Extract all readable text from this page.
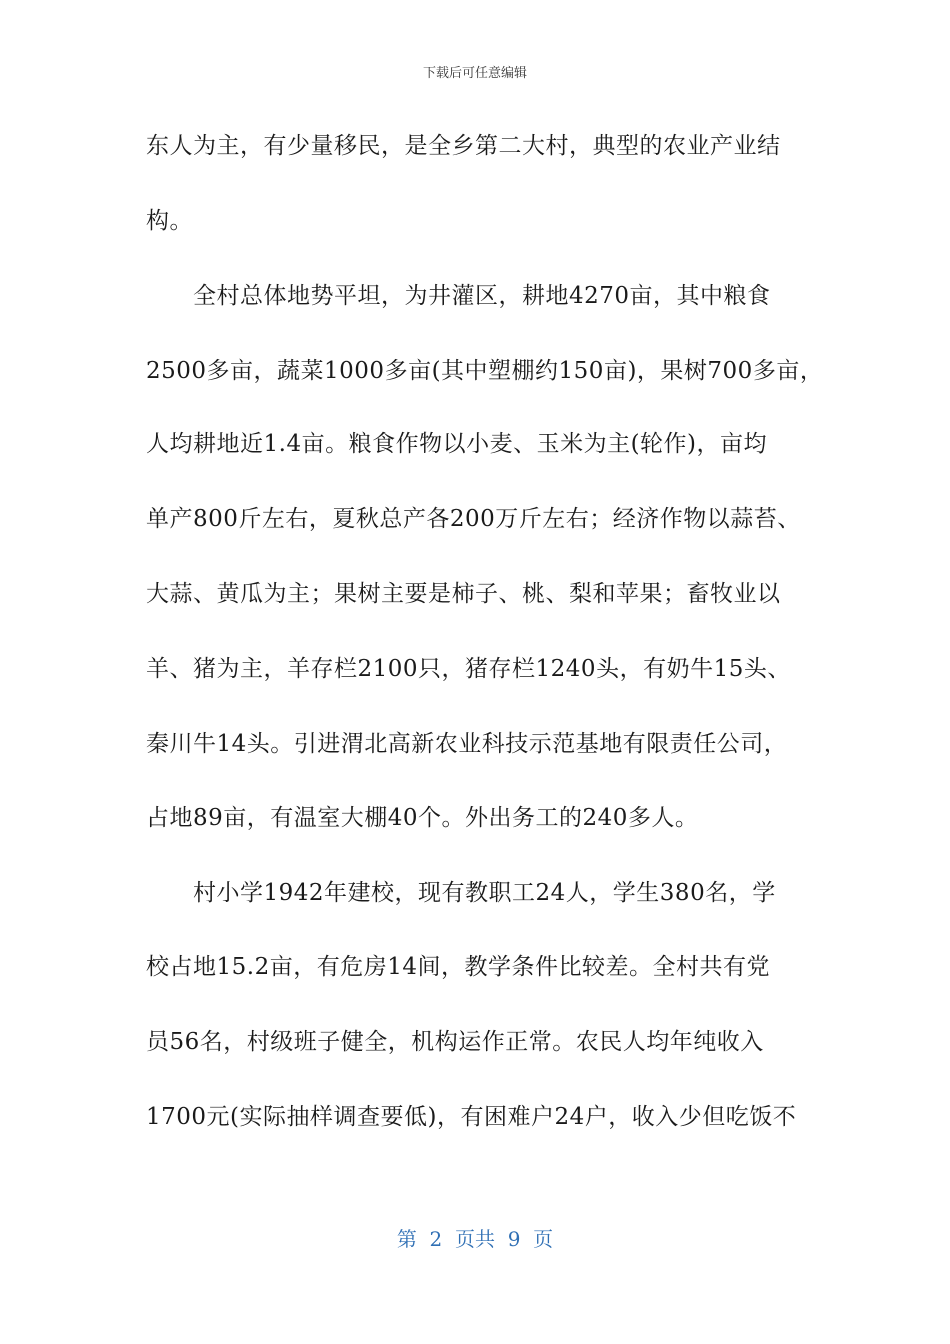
下载后可任意编辑
东人为主，有少量移民，是全乡第二大村，典型的农业产业结
构。
　　全村总体地势平坦，为井灌区，耕地4270亩，其中粮食
2500多亩，蔬菜1000多亩(其中塑棚约150亩)，果树700多亩，
人均耕地近1.4亩。粮食作物以小麦、玉米为主(轮作)，亩均
单产800斤左右，夏秋总产各200万斤左右；经济作物以蒜苔、
大蒜、黄瓜为主；果树主要是柿子、桃、梨和苹果；畜牧业以
羊、猪为主，羊存栏2100只，猪存栏1240头，有奶牛15头、
秦川牛14头。引进渭北高新农业科技示范基地有限责任公司，
占地89亩，有温室大棚40个。外出务工的240多人。
　　村小学1942年建校，现有教职工24人，学生380名，学
校占地15.2亩，有危房14间，教学条件比较差。全村共有党
员56名，村级班子健全，机构运作正常。农民人均年纯收入
1700元(实际抽样调查要低)，有困难户24户，收入少但吃饭不
第  2  页共  9  页
